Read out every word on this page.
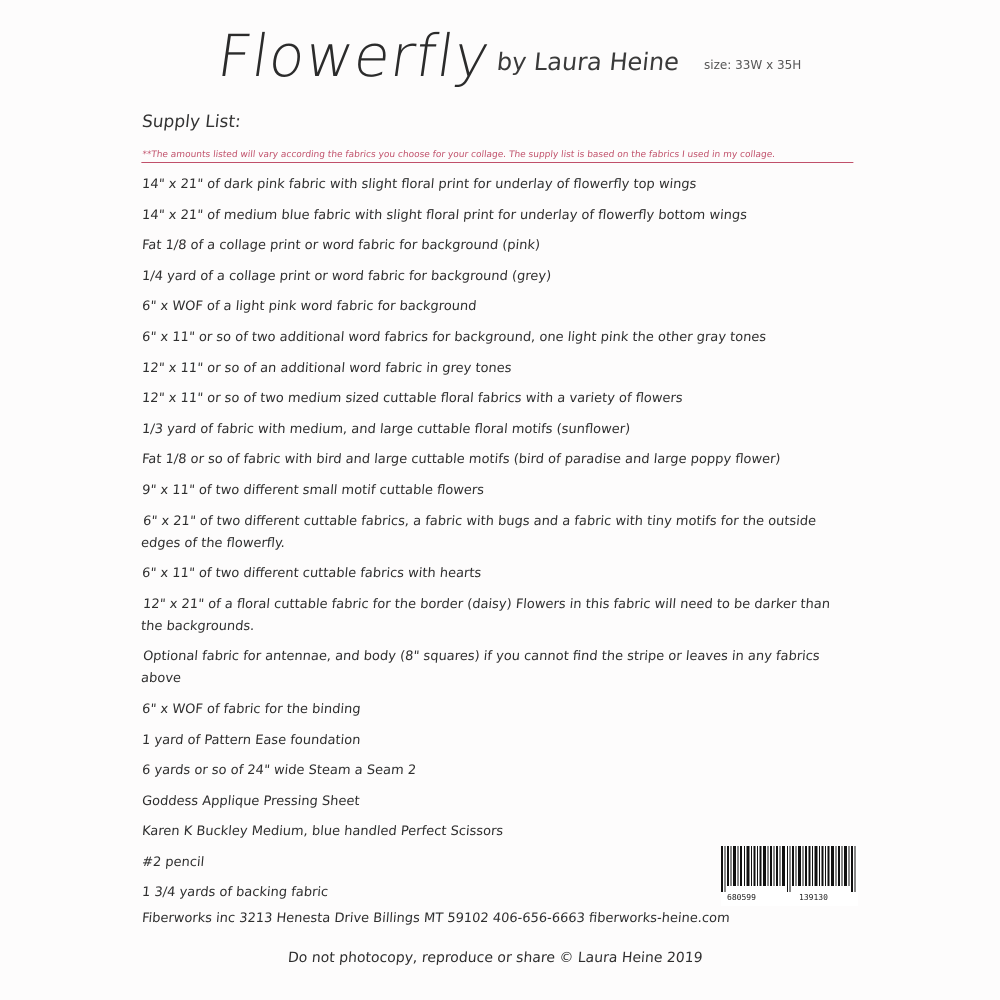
Flowerfly by Laura Heine size: 33W x 35H
Supply List:
**The amounts listed will vary according the fabrics you choose for your collage. The supply list is based on the fabrics I used in my collage.
14" x 21" of dark pink fabric with slight floral print for underlay of flowerfly top wings
14" x 21" of medium blue fabric with slight floral print for underlay of flowerfly bottom wings
Fat 1/8 of a collage print or word fabric for background (pink)
1/4 yard of a collage print or word fabric for background (grey)
6" x WOF of a light pink word fabric for background
6" x 11" or so of two additional word fabrics for background, one light pink the other gray tones
12" x 11" or so of an additional word fabric in grey tones
12" x 11" or so of two medium sized cuttable floral fabrics with a variety of flowers
1/3 yard of fabric with medium, and large cuttable floral motifs (sunflower)
Fat 1/8 or so of fabric with bird and large cuttable motifs (bird of paradise and large poppy flower)
9" x 11" of two different small motif cuttable flowers
6" x 21" of two different cuttable fabrics, a fabric with bugs and a fabric with tiny motifs for the outside edges of the flowerfly.
6" x 11" of two different cuttable fabrics with hearts
12" x 21" of a floral cuttable fabric for the border (daisy) Flowers in this fabric will need to be darker than the backgrounds.
Optional fabric for antennae, and body (8" squares) if you cannot find the stripe or leaves in any fabrics above
6" x WOF of fabric for the binding
1 yard of Pattern Ease foundation
6 yards or so of 24" wide Steam a Seam 2
Goddess Applique Pressing Sheet
Karen K Buckley Medium, blue handled Perfect Scissors
#2 pencil
1 3/4 yards of backing fabric	680599	139130
Fiberworks inc 3213 Henesta Drive Billings MT 59102 406-656-6663 fiberworks-heine.com
Do not photocopy, reproduce or share © Laura Heine 2019
